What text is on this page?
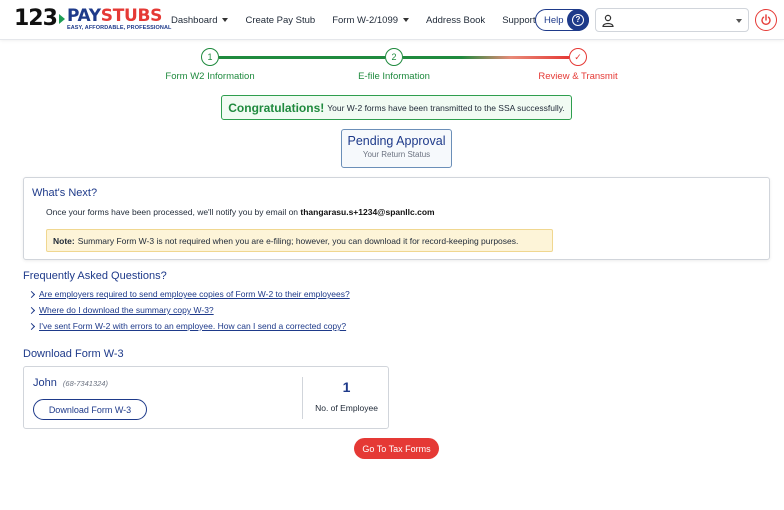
123 PAYSTUBS
EASY, AFFORDABLE, PROFESSIONAL
Dashboard	Create Pay Stub Form W-2/1099	Address Book Support Help	?
1	2	✓
Form W2 Information	E-file Information	Review & Transmit
Congratulations! Your W-2 forms have been transmitted to the SSA successfully.
Pending Approval
Your Return Status
What's Next?
Once your forms have been processed, we'll notify you by email on thangarasu.s+1234@spanllc.com
Note: Summary Form W-3 is not required when you are e-filing; however, you can download it for record-keeping purposes.
Frequently Asked Questions?
Are employers required to send employee copies of Form W-2 to their employees?
Where do I download the summary copy W-3?
I've sent Form W-2 with errors to an employee. How can I send a corrected copy?
Download Form W-3
John (68-7341324)
Download Form W-3
1
No. of Employee
Go To Tax Forms
